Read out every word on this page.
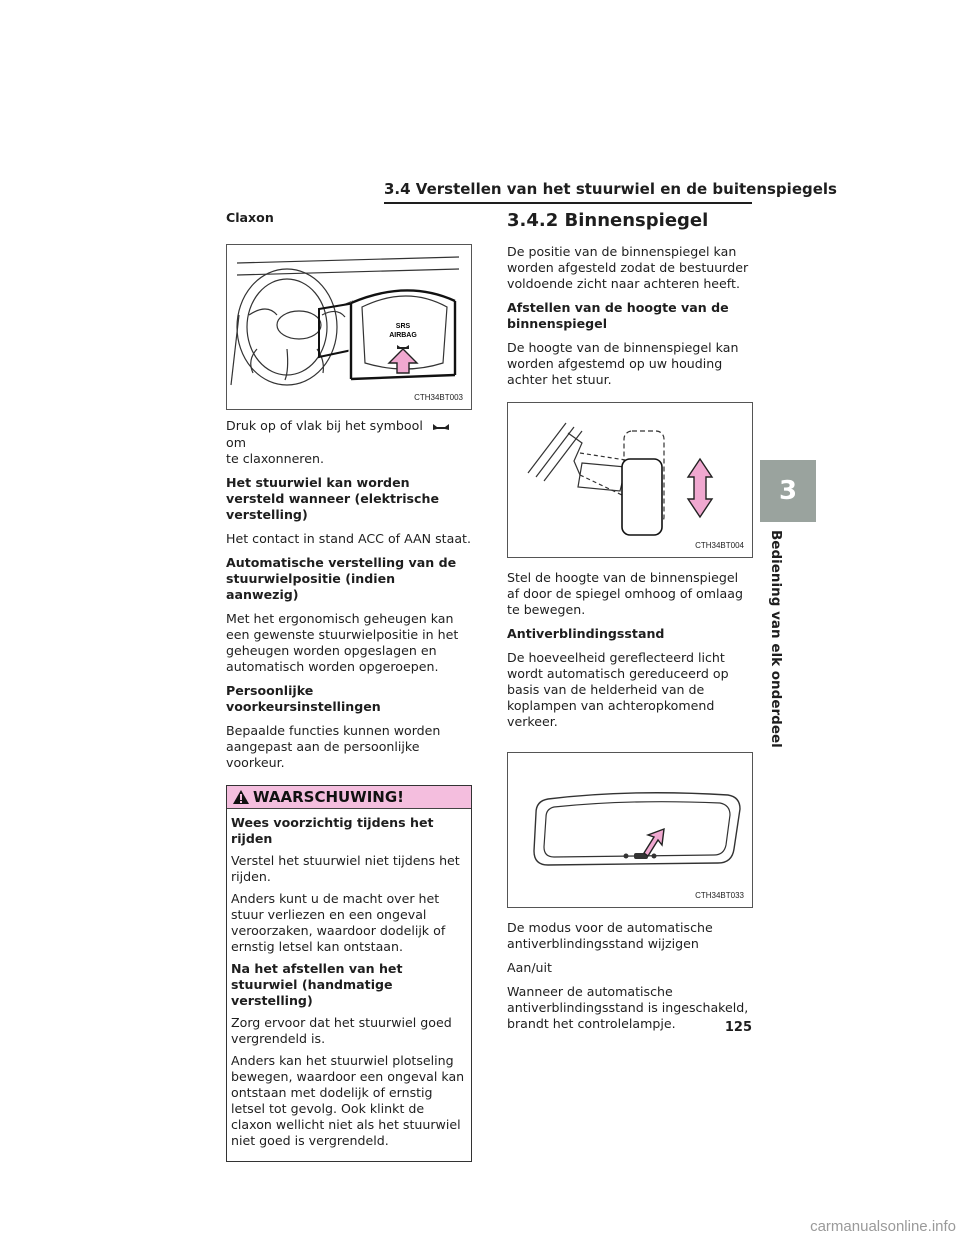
3.4 Verstellen van het stuurwiel en de buitenspiegels

Claxon

SRS
AIRBAG
CTH34BT003

Druk op of vlak bij het symboolom
te claxonneren.

Het stuurwiel kan worden versteld wanneer (elektrische verstelling)

Het contact in stand ACC of AAN staat.

Automatische verstelling van de stuurwielpositie (indien aanwezig)

Met het ergonomisch geheugen kan een gewenste stuurwielpositie in het geheugen worden opgeslagen en automatisch worden opgeroepen.

Persoonlijke voorkeursinstellingen

Bepaalde functies kunnen worden aangepast aan de persoonlijke voorkeur.

WAARSCHUWING!

Wees voorzichtig tijdens het rijden

Verstel het stuurwiel niet tijdens het rijden.

Anders kunt u de macht over het stuur verliezen en een ongeval veroorzaken, waardoor dodelijk of ernstig letsel kan ontstaan.

Na het afstellen van het stuurwiel (handmatige verstelling)

Zorg ervoor dat het stuurwiel goed vergrendeld is.

Anders kan het stuurwiel plotseling bewegen, waardoor een ongeval kan ontstaan met dodelijk of ernstig letsel tot gevolg. Ook klinkt de claxon wellicht niet als het stuurwiel niet goed is vergrendeld.

3.4.2 Binnenspiegel

De positie van de binnenspiegel kan worden afgesteld zodat de bestuurder voldoende zicht naar achteren heeft.

Afstellen van de hoogte van de binnenspiegel

De hoogte van de binnenspiegel kan worden afgestemd op uw houding achter het stuur.

CTH34BT004

Stel de hoogte van de binnenspiegel af door de spiegel omhoog of omlaag te bewegen.

Antiverblindingsstand

De hoeveelheid gereflecteerd licht wordt automatisch gereduceerd op basis van de helderheid van de koplampen van achteropkomend verkeer.

CTH34BT033

De modus voor de automatische antiverblindingsstand wijzigen

Aan/uit

Wanneer de automatische antiverblindingsstand is ingeschakeld, brandt het controlelampje.

3
Bediening van elk onderdeel
125
carmanualsonline.info
